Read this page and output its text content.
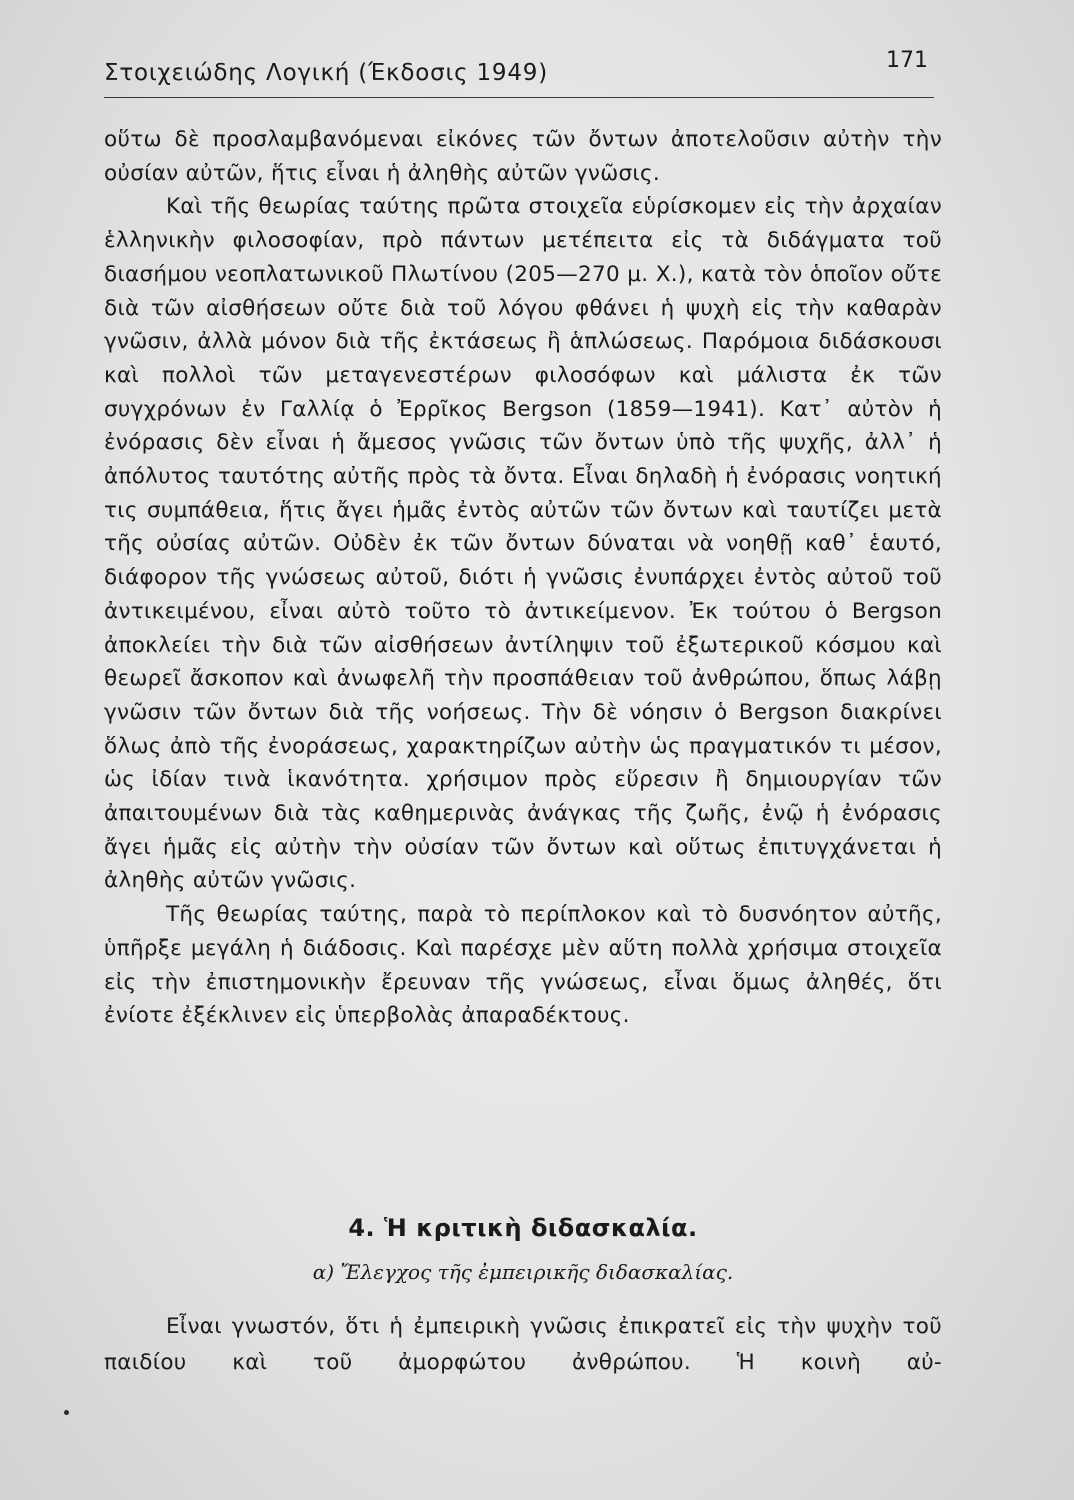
Στοιχειώδης Λογική (Έκδοσις 1949)	171

οὕτω δὲ προσλαμβανόμεναι εἰκόνες τῶν ὄντων ἀποτελοῦσιν αὐτὴν τὴν οὐσίαν αὐτῶν, ἥτις εἶναι ἡ ἀληθὴς αὐτῶν γνῶσις.

Καὶ τῆς θεωρίας ταύτης πρῶτα στοιχεῖα εὑρίσκομεν εἰς τὴν ἀρχαίαν ἑλληνικὴν φιλοσοφίαν, πρὸ πάντων μετέπειτα εἰς τὰ διδάγματα τοῦ διασήμου νεοπλατωνικοῦ Πλωτίνου (205—270 μ. Χ.), κατὰ τὸν ὁποῖον οὔτε διὰ τῶν αἰσθήσεων οὔτε διὰ τοῦ λόγου φθάνει ἡ ψυχὴ εἰς τὴν καθαρὰν γνῶσιν, ἀλλὰ μόνον διὰ τῆς ἐκτάσεως ἢ ἁπλώσεως. Παρόμοια διδάσκουσι καὶ πολλοὶ τῶν μεταγενεστέρων φιλοσόφων καὶ μάλιστα ἐκ τῶν συγχρόνων ἐν Γαλλίᾳ ὁ Ἐρρῖκος Bergson (1859—1941). Κατ᾽ αὐτὸν ἡ ἐνόρασις δὲν εἶναι ἡ ἄμεσος γνῶσις τῶν ὄντων ὑπὸ τῆς ψυχῆς, ἀλλ᾽ ἡ ἀπόλυτος ταυτότης αὐτῆς πρὸς τὰ ὄντα. Εἶναι δηλαδὴ ἡ ἐνόρασις νοητική τις συμπάθεια, ἥτις ἄγει ἡμᾶς ἐντὸς αὐτῶν τῶν ὄντων καὶ ταυτίζει μετὰ τῆς οὐσίας αὐτῶν. Οὐδὲν ἐκ τῶν ὄντων δύναται νὰ νοηθῇ καθ᾽ ἑαυτό, διάφορον τῆς γνώσεως αὐτοῦ, διότι ἡ γνῶσις ἐνυπάρχει ἐντὸς αὐτοῦ τοῦ ἀντικειμένου, εἶναι αὐτὸ τοῦτο τὸ ἀντικείμενον. Ἐκ τούτου ὁ Bergson ἀποκλείει τὴν διὰ τῶν αἰσθήσεων ἀντίληψιν τοῦ ἐξωτερικοῦ κόσμου καὶ θεωρεῖ ἄσκοπον καὶ ἀνωφελῆ τὴν προσπάθειαν τοῦ ἀνθρώπου, ὅπως λάβῃ γνῶσιν τῶν ὄντων διὰ τῆς νοήσεως. Τὴν δὲ νόησιν ὁ Bergson διακρίνει ὅλως ἀπὸ τῆς ἐνοράσεως, χαρακτηρίζων αὐτὴν ὡς πραγματικόν τι μέσον, ὡς ἰδίαν τινὰ ἱκανότητα. χρήσιμον πρὸς εὕρεσιν ἢ δημιουργίαν τῶν ἀπαιτουμένων διὰ τὰς καθημερινὰς ἀνάγκας τῆς ζωῆς, ἐνῷ ἡ ἐνόρασις ἄγει ἡμᾶς εἰς αὐτὴν τὴν οὐσίαν τῶν ὄντων καὶ οὕτως ἐπιτυγχάνεται ἡ ἀληθὴς αὐτῶν γνῶσις.

Τῆς θεωρίας ταύτης, παρὰ τὸ περίπλοκον καὶ τὸ δυσνόητον αὐτῆς, ὑπῆρξε μεγάλη ἡ διάδοσις. Καὶ παρέσχε μὲν αὕτη πολλὰ χρήσιμα στοιχεῖα εἰς τὴν ἐπιστημονικὴν ἔρευναν τῆς γνώσεως, εἶναι ὅμως ἀληθές, ὅτι ἐνίοτε ἐξέκλινεν εἰς ὑπερβολὰς ἀπαραδέκτους.

4. Ἡ κριτικὴ διδασκαλία.
α) Ἔλεγχος τῆς ἐμπειρικῆς διδασκαλίας.

Εἶναι γνωστόν, ὅτι ἡ ἐμπειρικὴ γνῶσις ἐπικρατεῖ εἰς τὴν ψυχὴν τοῦ παιδίου καὶ τοῦ ἀμορφώτου ἀνθρώπου. Ἡ κοινὴ αὐ-
